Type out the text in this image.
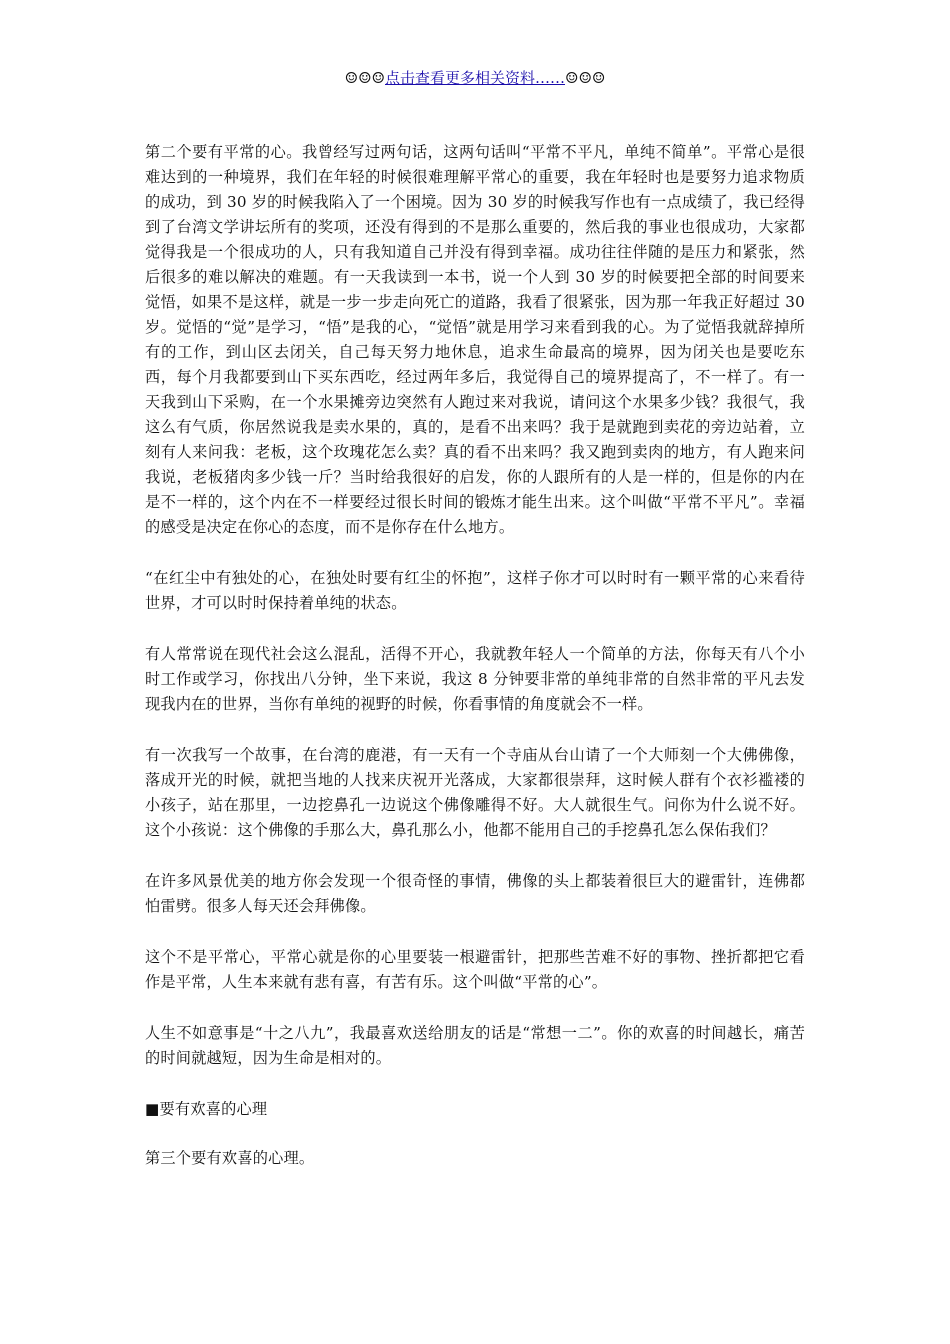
☺☺☺点击查看更多相关资料……☺☺☺

第二个要有平常的心。我曾经写过两句话，这两句话叫“平常不平凡，单纯不简单”。平常心是很难达到的一种境界，我们在年轻的时候很难理解平常心的重要，我在年轻时也是要努力追求物质的成功，到 30 岁的时候我陷入了一个困境。因为 30 岁的时候我写作也有一点成绩了，我已经得到了台湾文学讲坛所有的奖项，还没有得到的不是那么重要的，然后我的事业也很成功，大家都觉得我是一个很成功的人，只有我知道自己并没有得到幸福。成功往往伴随的是压力和紧张，然后很多的难以解决的难题。有一天我读到一本书，说一个人到 30 岁的时候要把全部的时间要来觉悟，如果不是这样，就是一步一步走向死亡的道路，我看了很紧张，因为那一年我正好超过 30 岁。觉悟的“觉”是学习，“悟”是我的心，“觉悟”就是用学习来看到我的心。为了觉悟我就辞掉所有的工作，到山区去闭关，自己每天努力地休息，追求生命最高的境界，因为闭关也是要吃东西，每个月我都要到山下买东西吃，经过两年多后，我觉得自己的境界提高了，不一样了。有一天我到山下采购，在一个水果摊旁边突然有人跑过来对我说，请问这个水果多少钱？我很气，我这么有气质，你居然说我是卖水果的，真的，是看不出来吗？我于是就跑到卖花的旁边站着，立刻有人来问我：老板，这个玫瑰花怎么卖？真的看不出来吗？我又跑到卖肉的地方，有人跑来问我说，老板猪肉多少钱一斤？当时给我很好的启发，你的人跟所有的人是一样的，但是你的内在是不一样的，这个内在不一样要经过很长时间的锻炼才能生出来。这个叫做“平常不平凡”。幸福的感受是决定在你心的态度，而不是你存在什么地方。

“在红尘中有独处的心，在独处时要有红尘的怀抱”，这样子你才可以时时有一颗平常的心来看待世界，才可以时时保持着单纯的状态。

有人常常说在现代社会这么混乱，活得不开心，我就教年轻人一个简单的方法，你每天有八个小时工作或学习，你找出八分钟，坐下来说，我这 8 分钟要非常的单纯非常的自然非常的平凡去发现我内在的世界，当你有单纯的视野的时候，你看事情的角度就会不一样。

有一次我写一个故事，在台湾的鹿港，有一天有一个寺庙从台山请了一个大师刻一个大佛佛像，落成开光的时候，就把当地的人找来庆祝开光落成，大家都很崇拜，这时候人群有个衣衫褴褛的小孩子，站在那里，一边挖鼻孔一边说这个佛像雕得不好。大人就很生气。问你为什么说不好。这个小孩说：这个佛像的手那么大，鼻孔那么小，他都不能用自己的手挖鼻孔怎么保佑我们？

在许多风景优美的地方你会发现一个很奇怪的事情，佛像的头上都装着很巨大的避雷针，连佛都怕雷劈。很多人每天还会拜佛像。

这个不是平常心，平常心就是你的心里要装一根避雷针，把那些苦难不好的事物、挫折都把它看作是平常，人生本来就有悲有喜，有苦有乐。这个叫做“平常的心”。

人生不如意事是“十之八九”，我最喜欢送给朋友的话是“常想一二”。你的欢喜的时间越长，痛苦的时间就越短，因为生命是相对的。

■要有欢喜的心理

第三个要有欢喜的心理。
